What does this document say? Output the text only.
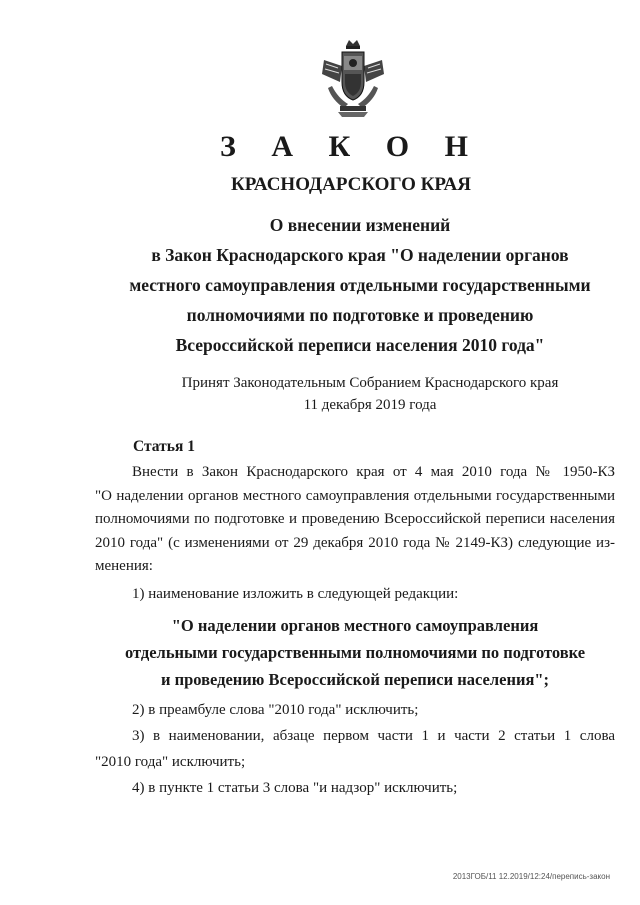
З А К О Н
КРАСНОДАРСКОГО КРАЯ
О внесении изменений
в Закон Краснодарского края "О наделении органов
местного самоуправления отдельными государственными
полномочиями по подготовке и проведению
Всероссийской переписи населения 2010 года"
Принят Законодательным Собранием Краснодарского края
11 декабря 2019 года
Статья 1
Внести в Закон Краснодарского края от 4 мая 2010 года № 1950-КЗ
"О наделении органов местного самоуправления отдельными государственными
полномочиями по подготовке и проведению Всероссийской переписи населения
2010 года" (с изменениями от 29 декабря 2010 года № 2149-КЗ) следующие из-
менения:
1) наименование изложить в следующей редакции:
"О наделении органов местного самоуправления
отдельными государственными полномочиями по подготовке
и проведению Всероссийской переписи населения";
2) в преамбуле слова "2010 года" исключить;
3) в наименовании, абзаце первом части 1 и части 2 статьи 1 слова
"2010 года" исключить;
4) в пункте 1 статьи 3 слова "и надзор" исключить;
2013ГОБ/11 12.2019/12:24/перепись-закон
